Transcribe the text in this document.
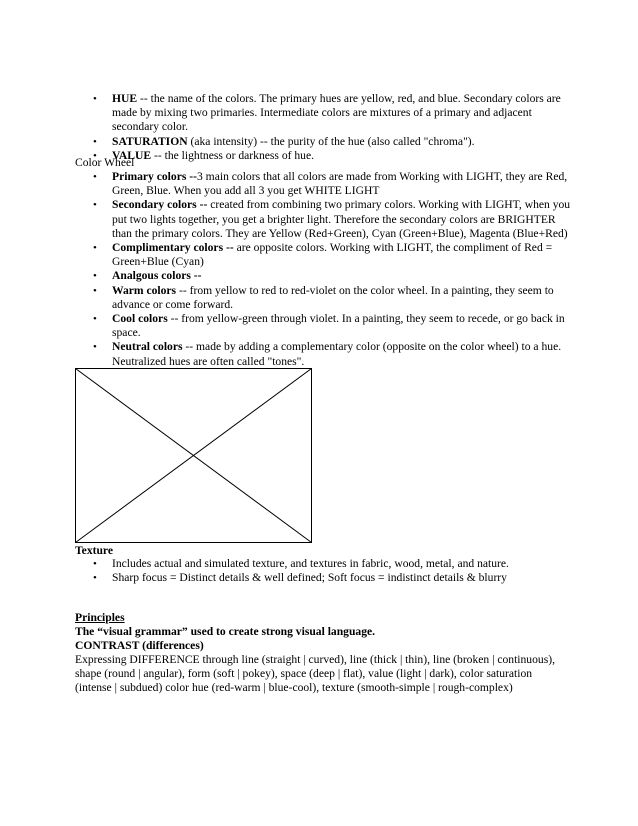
• HUE -- the name of the colors. The primary hues are yellow, red, and blue. Secondary colors are made by mixing two primaries. Intermediate colors are mixtures of a primary and adjacent secondary color.
• SATURATION (aka intensity) -- the purity of the hue (also called "chroma").
• VALUE -- the lightness or darkness of hue.
Color Wheel
• Primary colors --3 main colors that all colors are made from Working with LIGHT, they are Red, Green, Blue. When you add all 3 you get WHITE LIGHT
• Secondary colors -- created from combining two primary colors. Working with LIGHT, when you put two lights together, you get a brighter light. Therefore the secondary colors are BRIGHTER than the primary colors. They are Yellow (Red+Green), Cyan (Green+Blue), Magenta (Blue+Red)
• Complimentary colors -- are opposite colors. Working with LIGHT, the compliment of Red = Green+Blue (Cyan)
• Analgous colors --
• Warm colors -- from yellow to red to red-violet on the color wheel. In a painting, they seem to advance or come forward.
• Cool colors -- from yellow-green through violet. In a painting, they seem to recede, or go back in space.
• Neutral colors -- made by adding a complementary color (opposite on the color wheel) to a hue. Neutralized hues are often called "tones".
Texture
• Includes actual and simulated texture, and textures in fabric, wood, metal, and nature.
• Sharp focus = Distinct details & well defined; Soft focus = indistinct details & blurry
Principles
The “visual grammar” used to create strong visual language.
CONTRAST (differences)
Expressing DIFFERENCE through line (straight | curved), line (thick | thin), line (broken | continuous), shape (round | angular), form (soft | pokey), space (deep | flat), value (light | dark), color saturation (intense | subdued) color hue (red-warm | blue-cool), texture (smooth-simple | rough-complex)
